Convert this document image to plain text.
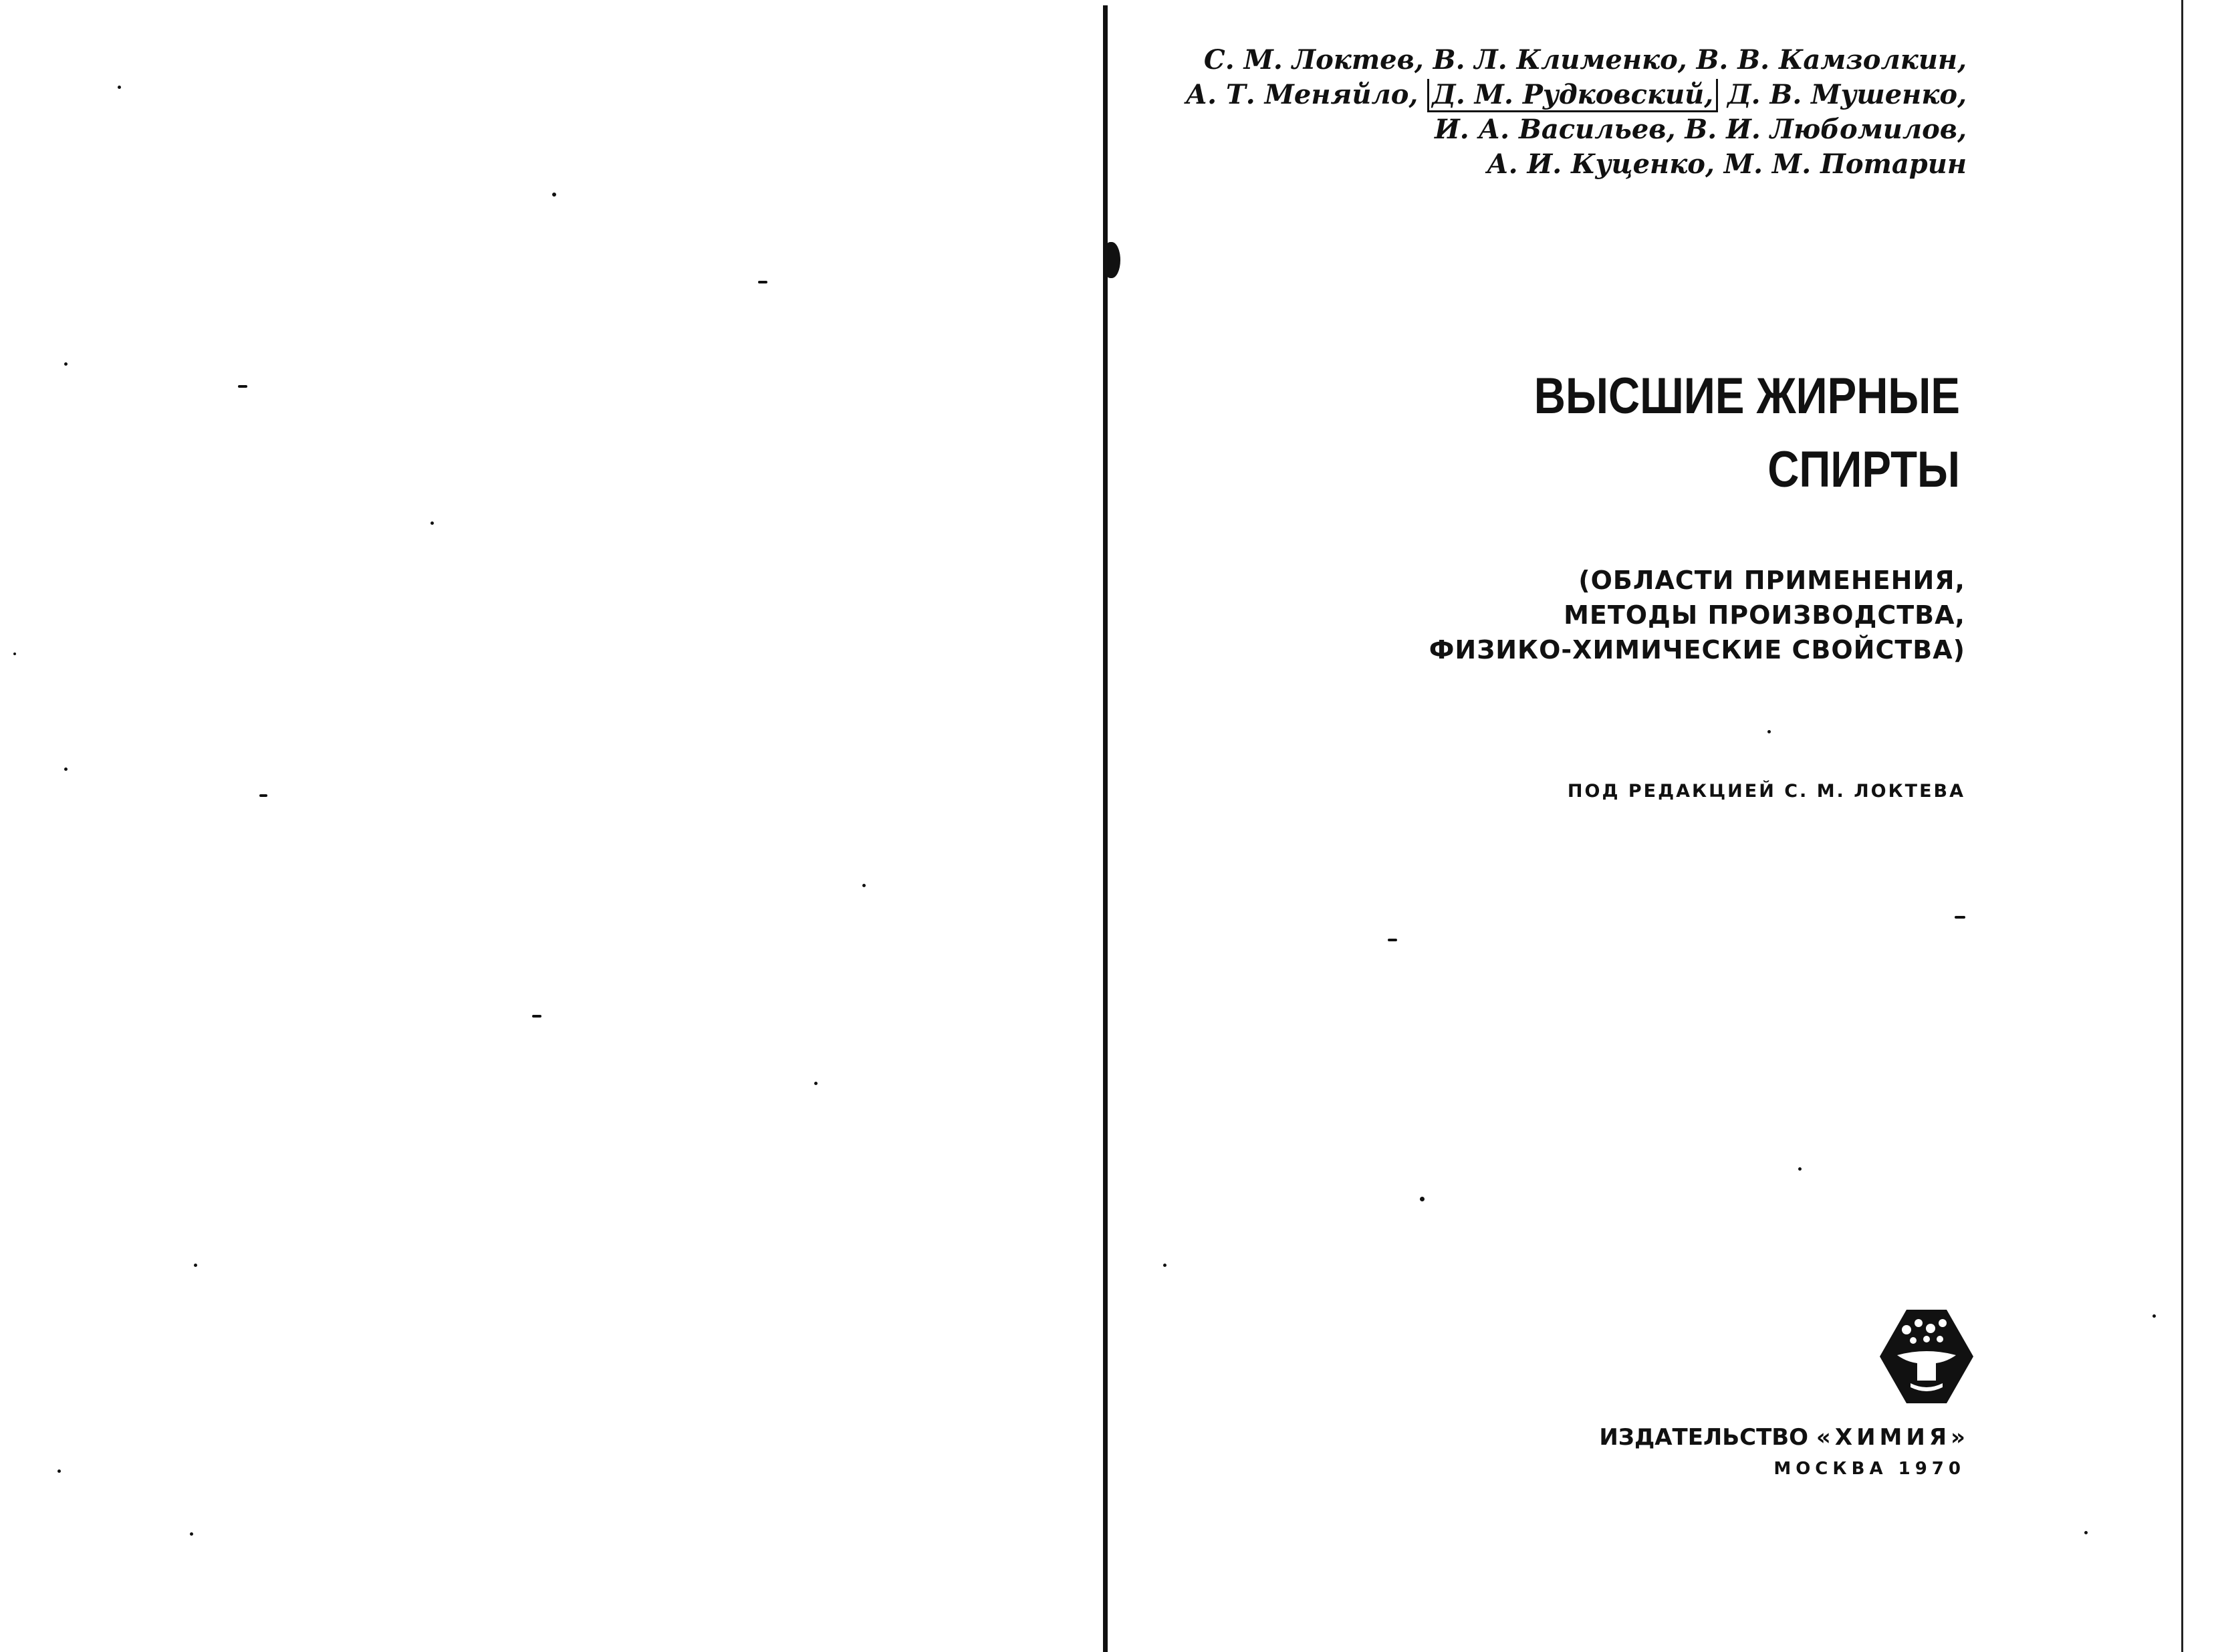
С. М. Локтев, В. Л. Клименко, В. В. Камзолкин,
А. Т. Меняйло, Д. М. Рудковский, Д. В. Мушенко,
И. А. Васильев, В. И. Любомилов,
А. И. Куценко, М. М. Потарин
ВЫСШИЕ ЖИРНЫЕ
СПИРТЫ
(ОБЛАСТИ ПРИМЕНЕНИЯ,
МЕТОДЫ ПРОИЗВОДСТВА,
ФИЗИКО-ХИМИЧЕСКИЕ СВОЙСТВА)
ПОД РЕДАКЦИЕЙ С. М. ЛОКТЕВА
ИЗДАТЕЛЬСТВО «ХИМИЯ»
МОСКВА 1970
